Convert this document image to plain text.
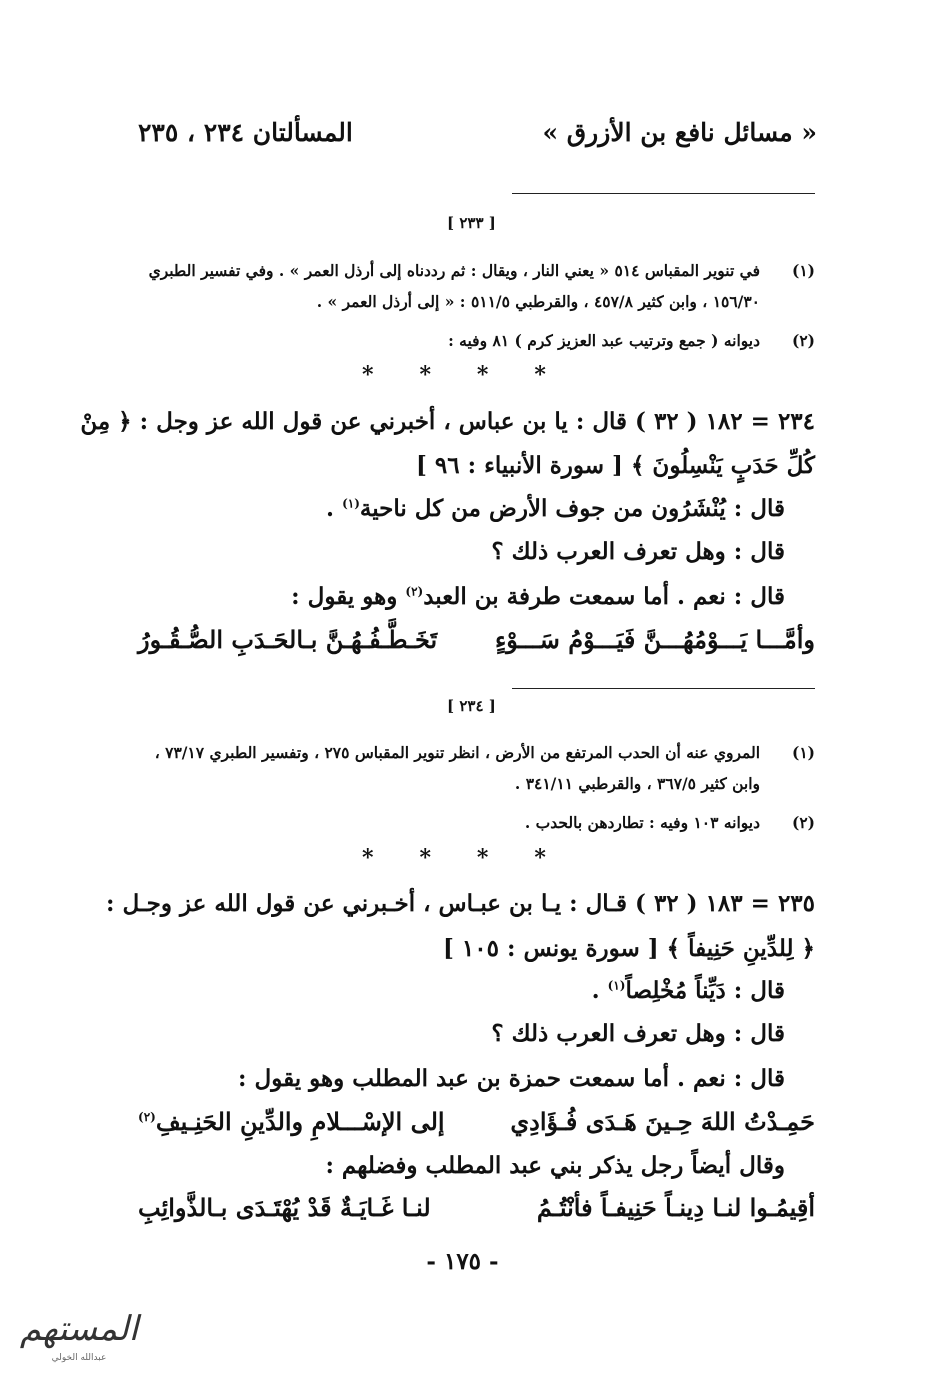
« مسائل نافع بن الأزرق »
المسألتان ٢٣٤ ، ٢٣٥
[ ٢٣٣ ]
(١)
في تنوير المقباس ٥١٤ « يعني النار ، ويقال : ثم رددناه إلى أرذل العمر » . وفي تفسير الطبري ١٥٦/٣٠ ، وابن كثير ٤٥٧/٨ ، والقرطبي ٥١١/٥ : « إلى أرذل العمر » .
(٢)
ديوانه ( جمع وترتيب عبد العزيز كرم ) ٨١ وفيه :
*      *      *      *
٢٣٤ = ١٨٢ ( ٣٢ ) قال : يا بن عباس ، أخبرني عن قول الله عز وجل : ﴿ مِنْ
كُلِّ حَدَبٍ يَنْسِلُونَ ﴾ [ سورة الأنبياء : ٩٦ ]
قال : يُنْشَرُون من جوف الأرض من كل ناحية$^{(١)}$ .
قال : وهل تعرف العرب ذلك ؟
قال : نعم . أما سمعت طرفة بن العبد$^{(٢)}$ وهو يقول :
وأمَّـــا يَـــوْمُهُـــنَّ فَيَـــوْمُ سَـــوْءٍ
تَخَـطَّـفُـهُـنَّ بـالحَـدَبِ الصُّـقُـورُ
[ ٢٣٤ ]
(١)
المروي عنه أن الحدب المرتفع من الأرض ، انظر تنوير المقباس ٢٧٥ ، وتفسير الطبري ٧٣/١٧ ، وابن كثير ٣٦٧/٥ ، والقرطبي ٣٤١/١١ .
(٢)
ديوانه ١٠٣ وفيه : تطاردهن بالحدب .
*      *      *      *
٢٣٥ = ١٨٣ ( ٣٢ ) قـال : يـا بن عبـاس ، أخـبرني عن قول الله عز وجـل :
﴿ لِلدِّينِ حَنِيفاً ﴾ [ سورة يونس : ١٠٥ ]
قال : دَيِّناً مُخْلِصاً$^{(١)}$ .
قال : وهل تعرف العرب ذلك ؟
قال : نعم . أما سمعت حمزة بن عبد المطلب وهو يقول :
حَمِـدْتُ اللهَ حِـينَ هَـدَى فُـؤَادِي
إلى الإسْـــلامِ والدِّينِ الحَنِـيفِ$^{(٢)}$
وقال أيضاً رجل يذكر بني عبد المطلب وفضلهم :
أقِيمُـوا لنـا دِينـاً حَنِيفـاً فأنْتُـمُ
لنـا غَـايَـةٌ قَدْ يُهْتَـدَى بـالذَّوائِبِ
- ١٧٥ -
المستهم
عبدالله الخولي
